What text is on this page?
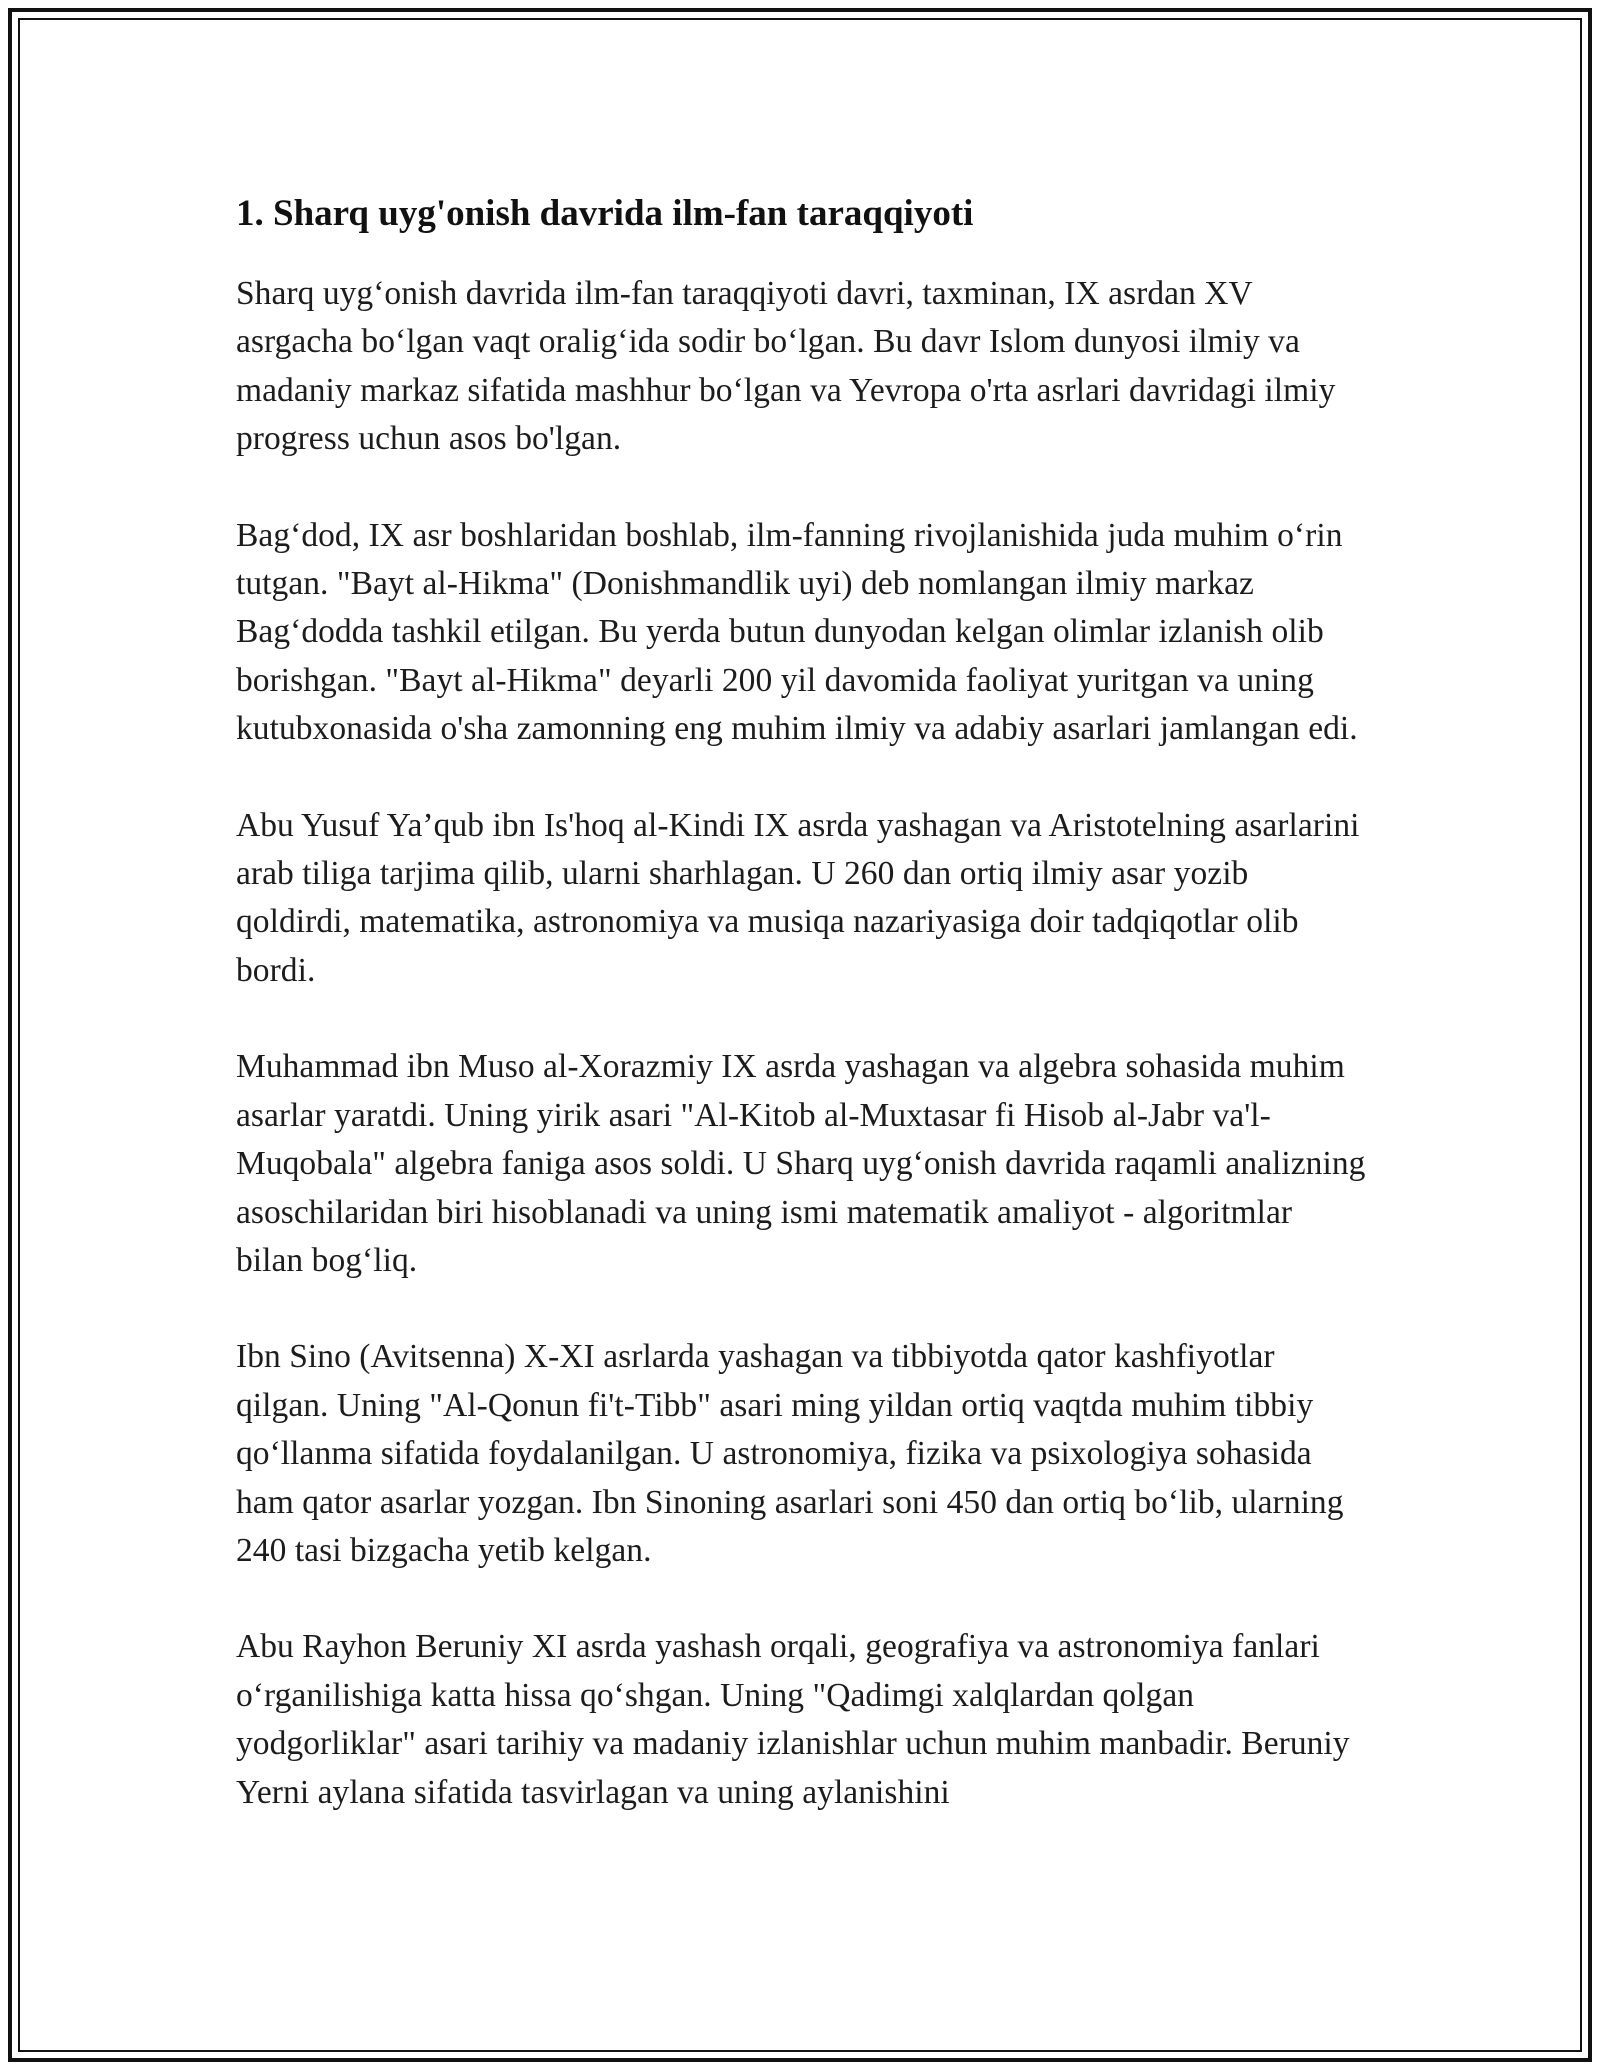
1. Sharq uyg'onish davrida ilm-fan taraqqiyoti

Sharq uyg‘onish davrida ilm-fan taraqqiyoti davri, taxminan, IX asrdan XV asrgacha bo‘lgan vaqt oralig‘ida sodir bo‘lgan. Bu davr Islom dunyosi ilmiy va madaniy markaz sifatida mashhur bo‘lgan va Yevropa o'rta asrlari davridagi ilmiy progress uchun asos bo'lgan.

Bag‘dod, IX asr boshlaridan boshlab, ilm-fanning rivojlanishida juda muhim o‘rin tutgan. "Bayt al-Hikma" (Donishmandlik uyi) deb nomlangan ilmiy markaz Bag‘dodda tashkil etilgan. Bu yerda butun dunyodan kelgan olimlar izlanish olib borishgan. "Bayt al-Hikma" deyarli 200 yil davomida faoliyat yuritgan va uning kutubxonasida o'sha zamonning eng muhim ilmiy va adabiy asarlari jamlangan edi.

Abu Yusuf Ya’qub ibn Is'hoq al-Kindi IX asrda yashagan va Aristotelning asarlarini arab tiliga tarjima qilib, ularni sharhlagan. U 260 dan ortiq ilmiy asar yozib qoldirdi, matematika, astronomiya va musiqa nazariyasiga doir tadqiqotlar olib bordi.

Muhammad ibn Muso al-Xorazmiy IX asrda yashagan va algebra sohasida muhim asarlar yaratdi. Uning yirik asari "Al-Kitob al-Muxtasar fi Hisob al-Jabr va'l-Muqobala" algebra faniga asos soldi. U Sharq uyg‘onish davrida raqamli analizning asoschilaridan biri hisoblanadi va uning ismi matematik amaliyot - algoritmlar bilan bog‘liq.

Ibn Sino (Avitsenna) X-XI asrlarda yashagan va tibbiyotda qator kashfiyotlar qilgan. Uning "Al-Qonun fi't-Tibb" asari ming yildan ortiq vaqtda muhim tibbiy qo‘llanma sifatida foydalanilgan. U astronomiya, fizika va psixologiya sohasida ham qator asarlar yozgan. Ibn Sinoning asarlari soni 450 dan ortiq bo‘lib, ularning 240 tasi bizgacha yetib kelgan.

Abu Rayhon Beruniy XI asrda yashash orqali, geografiya va astronomiya fanlari o‘rganilishiga katta hissa qo‘shgan. Uning "Qadimgi xalqlardan qolgan yodgorliklar" asari tarihiy va madaniy izlanishlar uchun muhim manbadir. Beruniy Yerni aylana sifatida tasvirlagan va uning aylanishini
